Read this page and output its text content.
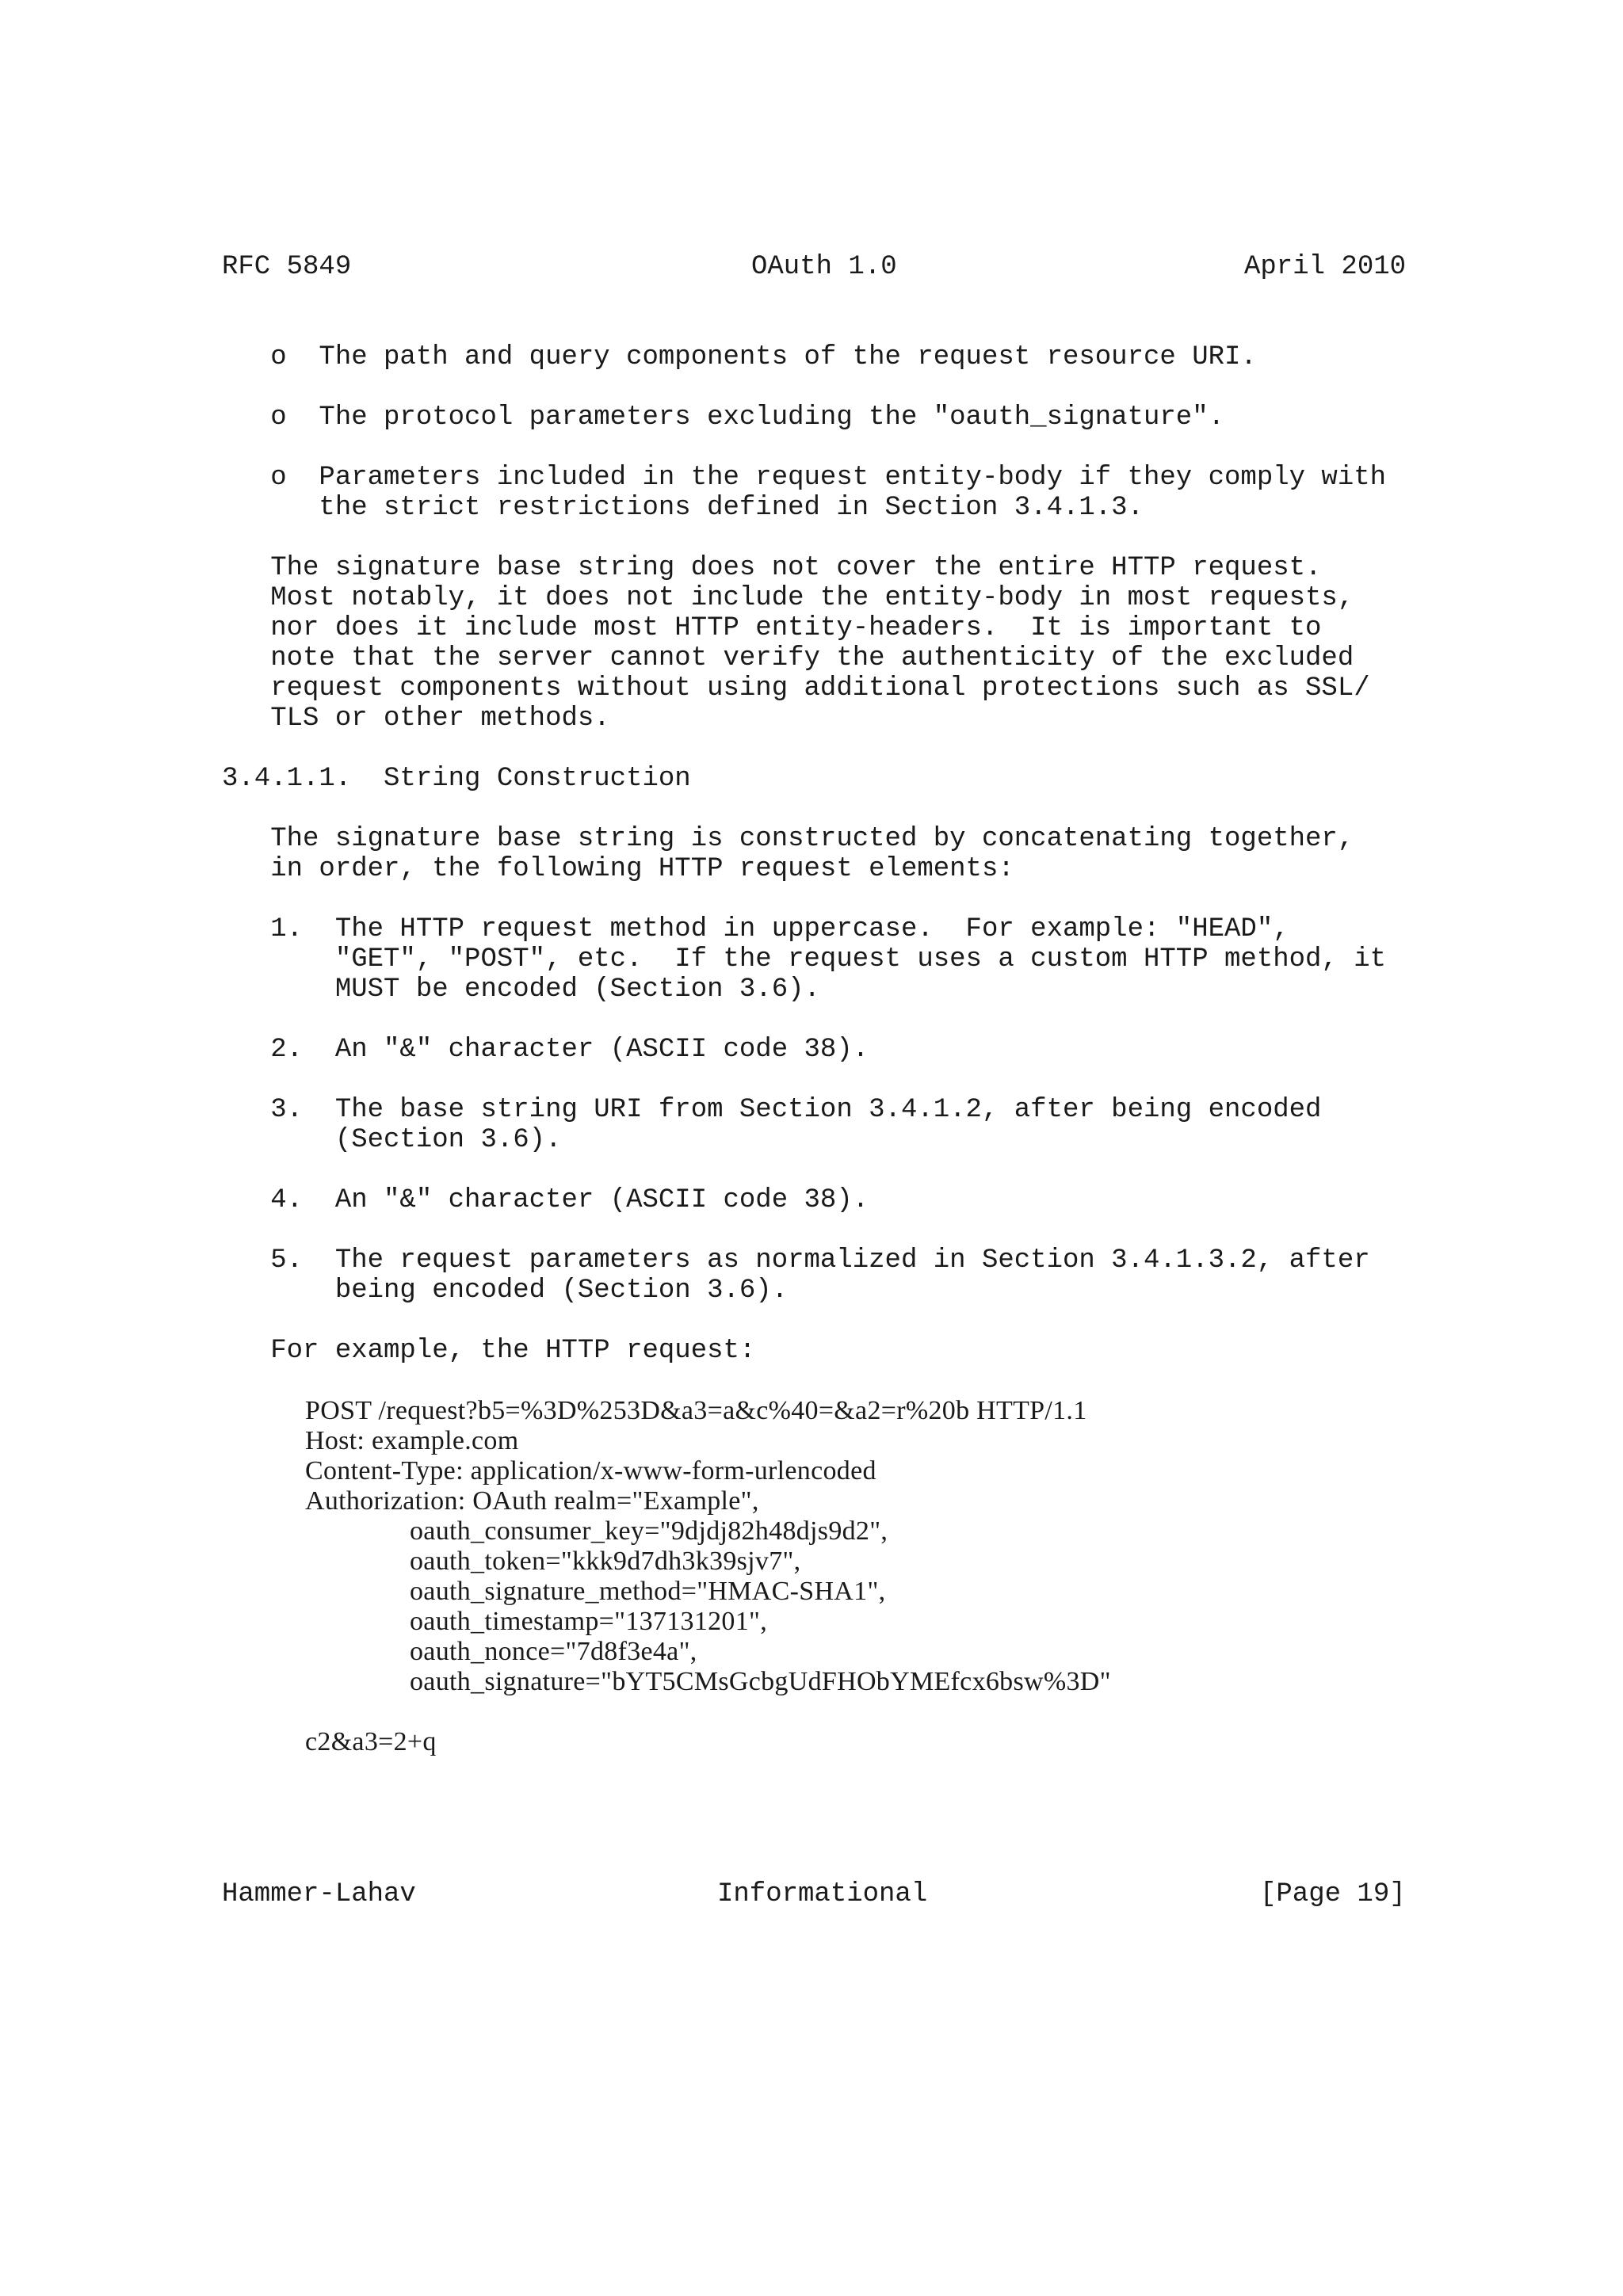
RFC 5849	OAuth 1.0	April 2010
o  The path and query components of the request resource URI.
o  The protocol parameters excluding the "oauth_signature".
o  Parameters included in the request entity-body if they comply with
the strict restrictions defined in Section 3.4.1.3.
The signature base string does not cover the entire HTTP request.
Most notably, it does not include the entity-body in most requests,
nor does it include most HTTP entity-headers.  It is important to
note that the server cannot verify the authenticity of the excluded
request components without using additional protections such as SSL/
TLS or other methods.
3.4.1.1.  String Construction
The signature base string is constructed by concatenating together,
in order, the following HTTP request elements:
1.  The HTTP request method in uppercase.  For example: "HEAD",
"GET", "POST", etc.  If the request uses a custom HTTP method, it
MUST be encoded (Section 3.6).
2.  An "&" character (ASCII code 38).
3.  The base string URI from Section 3.4.1.2, after being encoded
(Section 3.6).
4.  An "&" character (ASCII code 38).
5.  The request parameters as normalized in Section 3.4.1.3.2, after
being encoded (Section 3.6).
For example, the HTTP request:
POST /request?b5=%3D%253D&a3=a&c%40=&a2=r%20b HTTP/1.1
Host: example.com
Content-Type: application/x-www-form-urlencoded
Authorization: OAuth realm="Example",
oauth_consumer_key="9djdj82h48djs9d2",
oauth_token="kkk9d7dh3k39sjv7",
oauth_signature_method="HMAC-SHA1",
oauth_timestamp="137131201",
oauth_nonce="7d8f3e4a",
oauth_signature="bYT5CMsGcbgUdFHObYMEfcx6bsw%3D"
c2&a3=2+q
Hammer-Lahav	Informational	[Page 19]
